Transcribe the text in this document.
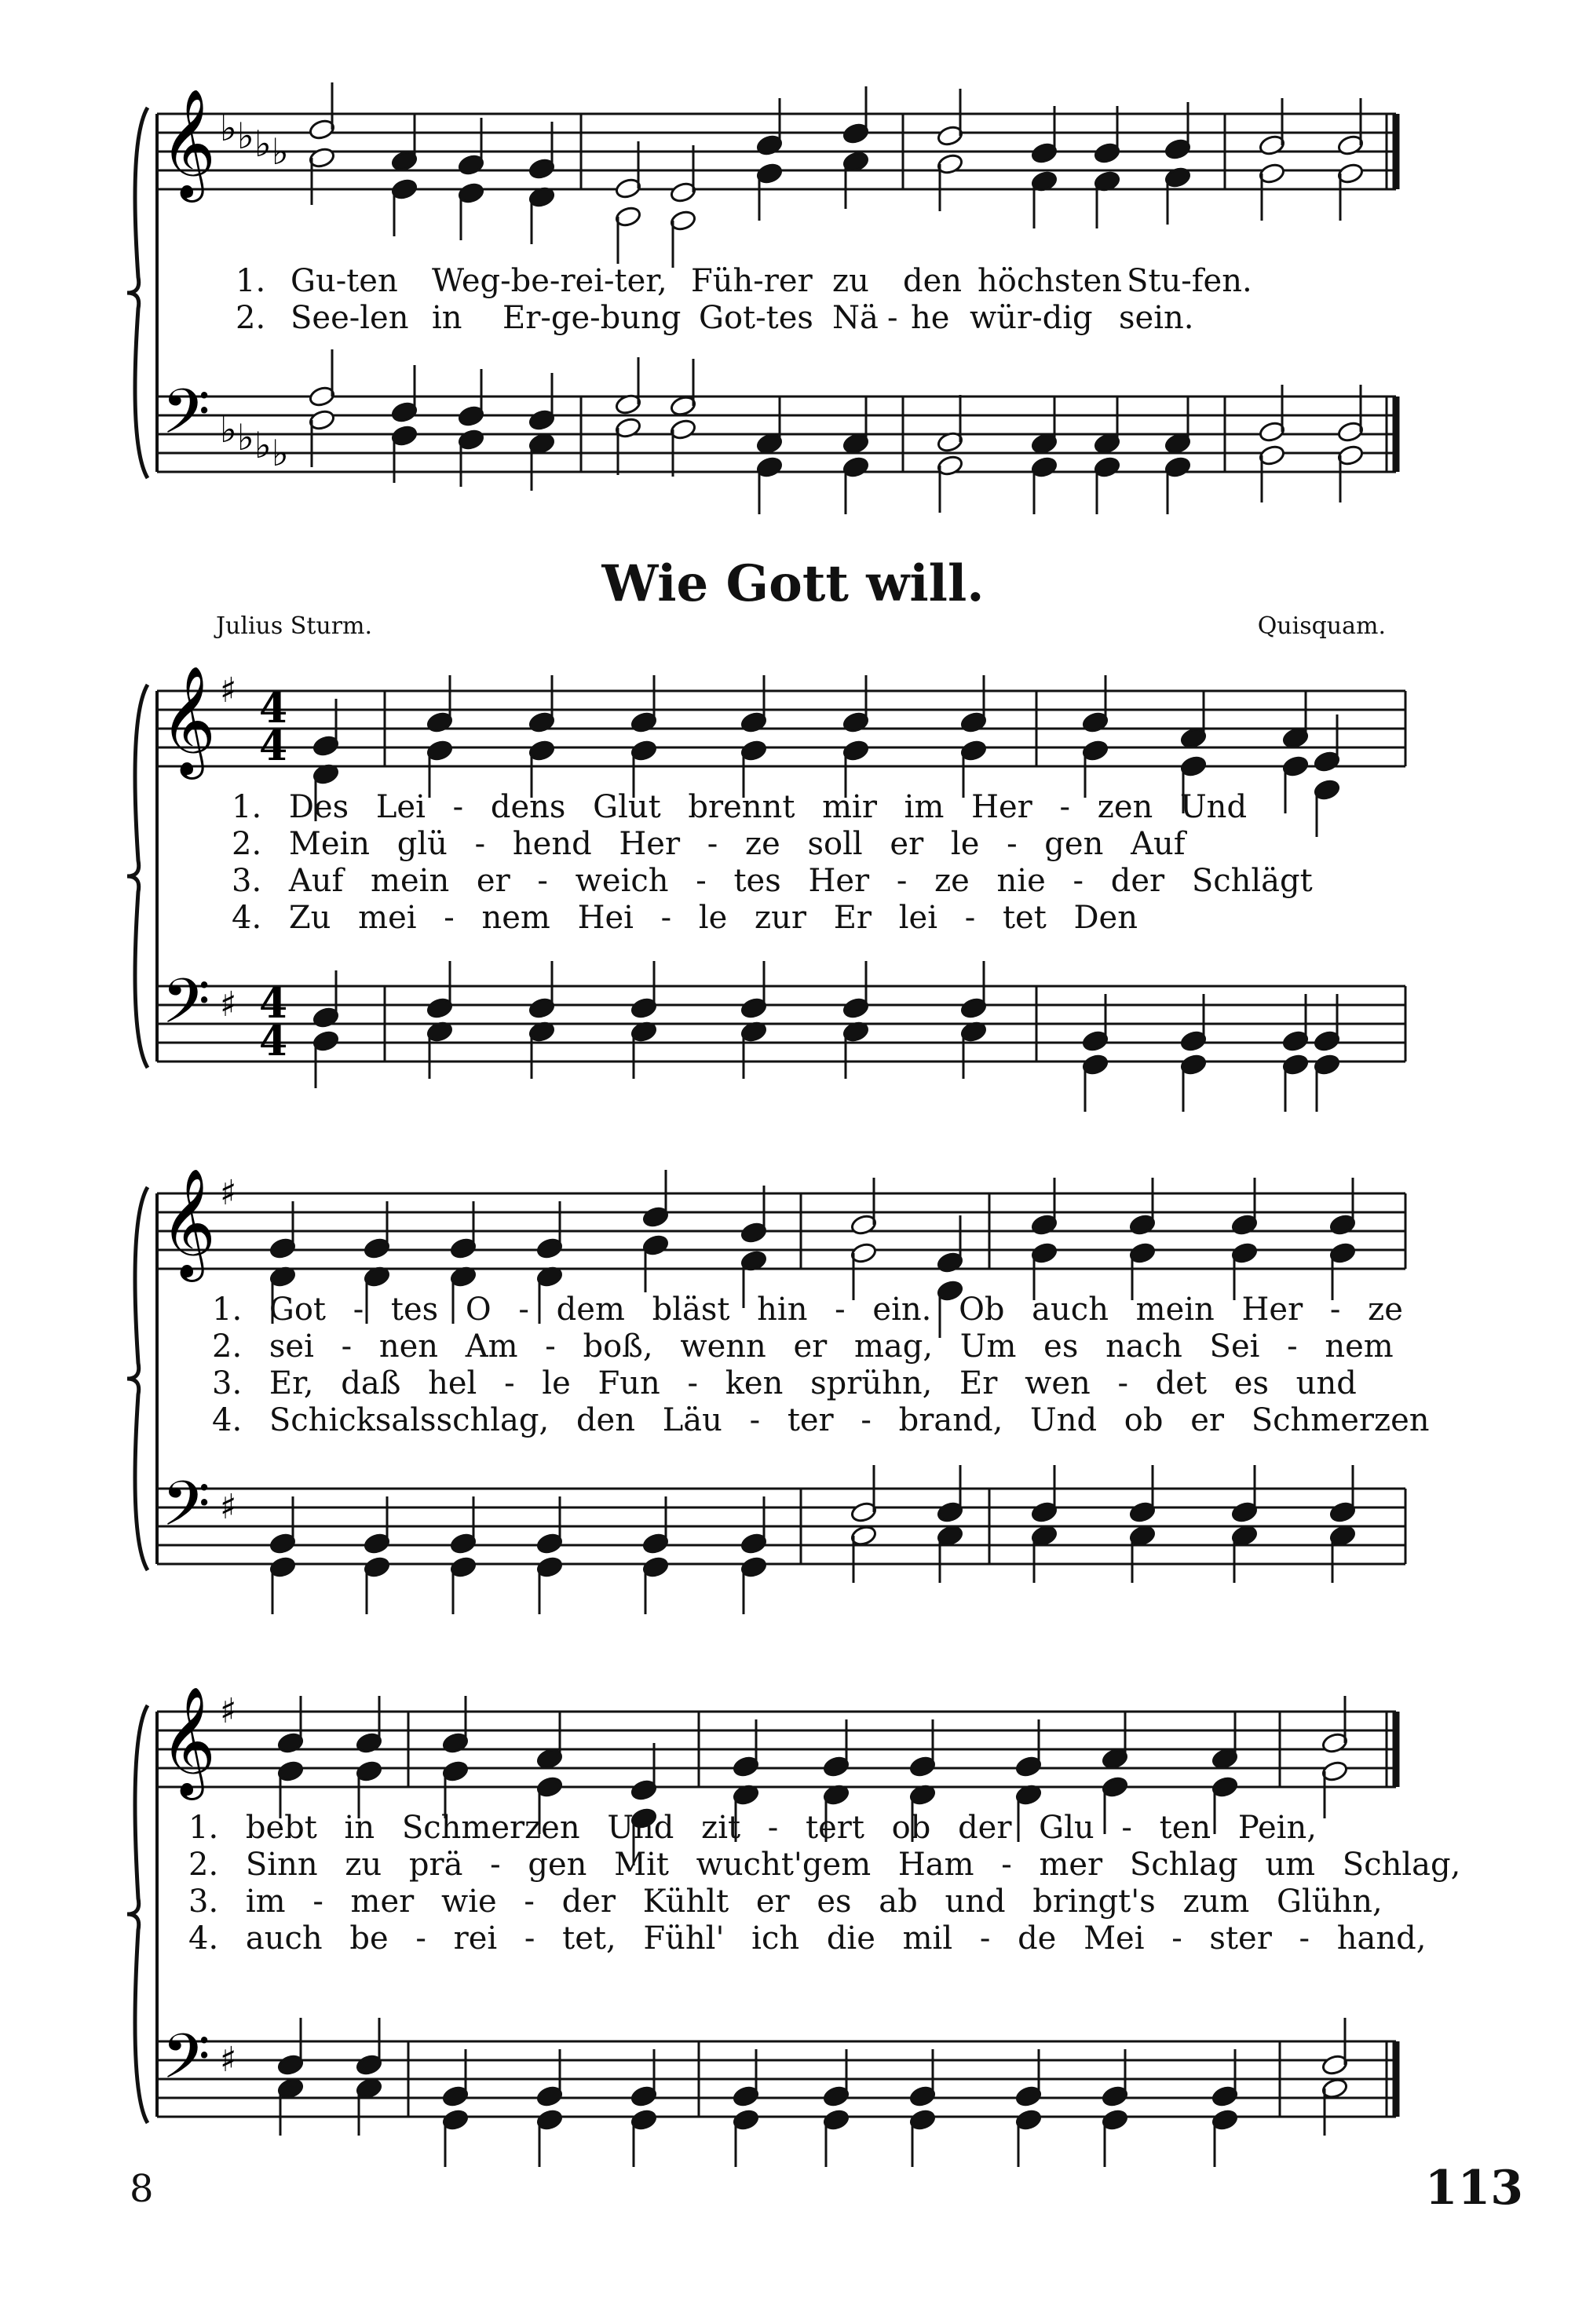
𝄞
𝄢
♭
♭
♭
♭
♭
♭
♭
♭
1. Gu-ten	Weg-be-rei-ter, Füh-rer zu	den höchsten Stu-fen.
2. See-len in	Er-ge-bung Got-tes Nä - he wür-dig sein.
Wie Gott will.
Julius Sturm.	Quisquam.
𝄞
𝄢
♯
♯
4
4
4
4
1. Des Lei - dens Glut brennt mir im Her - zen Und
2. Mein glü - hend Her - ze soll er le - gen Auf
3. Auf mein er - weich - tes Her - ze nie - der Schlägt
4. Zu mei - nem Hei - le zur Er lei - tet Den
𝄞
𝄢
♯
♯
1. Got - tes O - dem bläst hin - ein. Ob auch mein Her - ze
2. sei - nen Am - boß, wenn er mag, Um es nach Sei - nem
3. Er, daß hel - le Fun - ken sprühn, Er wen - det es und
4. Schicksalsschlag, den Läu - ter - brand, Und ob er Schmerzen
𝄞
𝄢
♯
♯
1. bebt in Schmerzen Und zit - tert ob der Glu - ten Pein,
2. Sinn zu prä - gen Mit wucht'gem Ham - mer Schlag um Schlag,
3. im - mer wie - der Kühlt er es ab und bringt's zum Glühn,
4. auch be - rei - tet, Fühl' ich die mil - de Mei - ster - hand,
8	113
